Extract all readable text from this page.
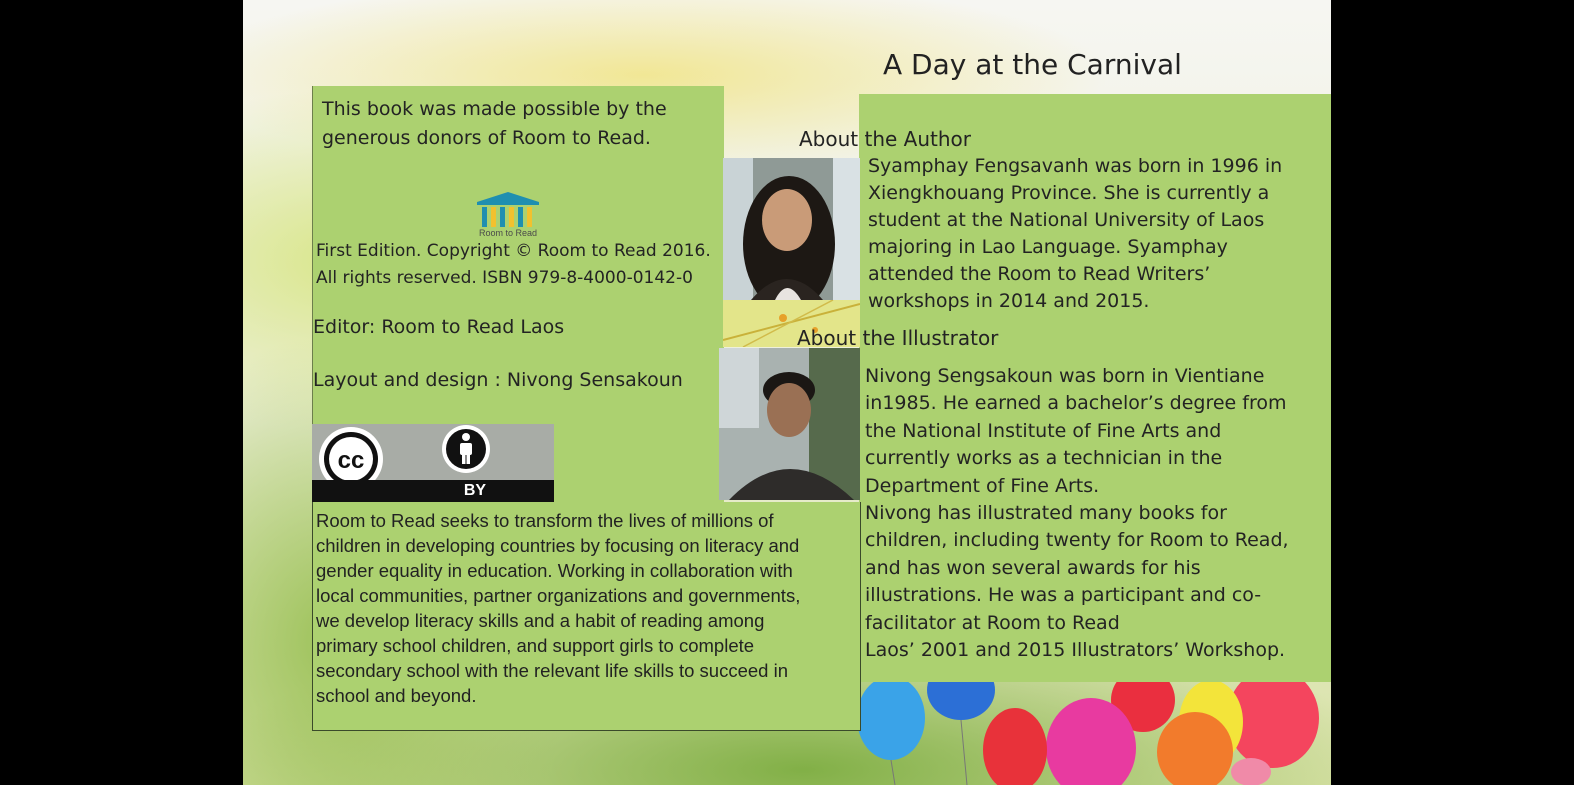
A Day at the Carnival
This book was made possible by the
generous donors of Room to Read.
Room to Read
First Edition. Copyright © Room to Read 2016.
All rights reserved. ISBN 979-8-4000-0142-0
Editor: Room to Read Laos
Layout and design : Nivong Sensakoun
cc
BY
Room to Read seeks to transform the lives of millions of
children in developing countries by focusing on literacy and
gender equality in education. Working in collaboration with
local communities, partner organizations and governments,
we develop literacy skills and a habit of reading among
primary school children, and support girls to complete
secondary school with the relevant life skills to succeed in
school and beyond.
About the Author
Syamphay Fengsavanh was born in 1996 in
Xiengkhouang Province. She is currently a
student at the National University of Laos
majoring in Lao Language. Syamphay
attended the Room to Read Writers’
workshops in 2014 and 2015.
About the Illustrator
Nivong Sengsakoun was born in Vientiane
in1985. He earned a bachelor’s degree from
the National Institute of Fine Arts and
currently works as a technician in the
Department of Fine Arts.
Nivong has illustrated many books for
children, including twenty for Room to Read,
and has won several awards for his
illustrations. He was a participant and co-
facilitator at Room to Read
Laos’ 2001 and 2015 Illustrators’ Workshop.
